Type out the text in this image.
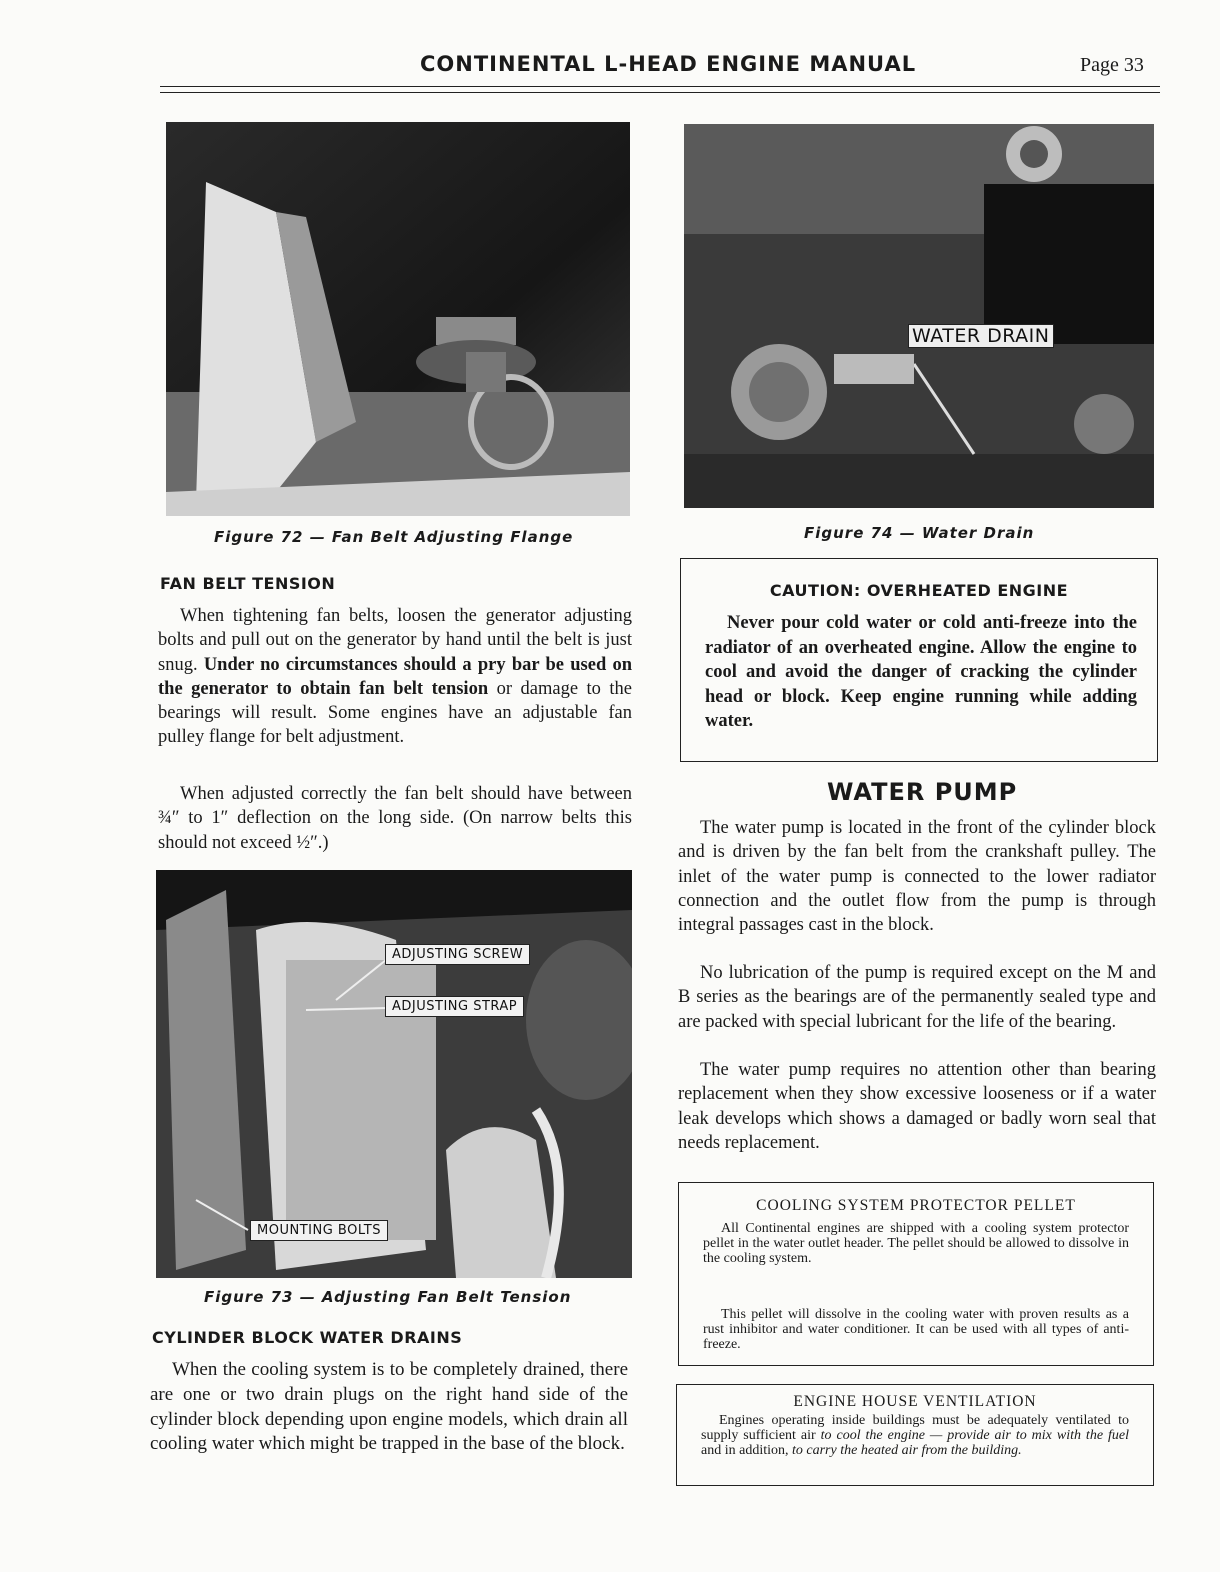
CONTINENTAL L-HEAD ENGINE MANUAL	Page 33
Figure 72 — Fan Belt Adjusting Flange
WATER DRAIN
Figure 74 — Water Drain
FAN BELT TENSION

When tightening fan belts, loosen the generator adjusting bolts and pull out on the generator by hand until the belt is just snug. Under no circumstances should a pry bar be used on the generator to obtain fan belt tension or damage to the bearings will result. Some engines have an adjustable fan pulley flange for belt adjustment.

When adjusted correctly the fan belt should have between ¾″ to 1″ deflection on the long side. (On narrow belts this should not exceed ½″.)

ADJUSTING SCREW
ADJUSTING STRAP
MOUNTING BOLTS
Figure 73 — Adjusting Fan Belt Tension
CYLINDER BLOCK WATER DRAINS

When the cooling system is to be completely drained, there are one or two drain plugs on the right hand side of the cylinder block depending upon engine models, which drain all cooling water which might be trapped in the base of the block.

CAUTION: OVERHEATED ENGINE

Never pour cold water or cold anti-freeze into the radiator of an overheated engine. Allow the engine to cool and avoid the danger of cracking the cylinder head or block. Keep engine running while adding water.

WATER PUMP

The water pump is located in the front of the cylinder block and is driven by the fan belt from the crankshaft pulley. The inlet of the water pump is connected to the lower radiator connection and the outlet flow from the pump is through integral passages cast in the block.

No lubrication of the pump is required except on the M and B series as the bearings are of the permanently sealed type and are packed with special lubricant for the life of the bearing.

The water pump requires no attention other than bearing replacement when they show excessive looseness or if a water leak develops which shows a damaged or badly worn seal that needs replacement.

COOLING SYSTEM PROTECTOR PELLET

All Continental engines are shipped with a cooling system protector pellet in the water outlet header. The pellet should be allowed to dissolve in the cooling system.

This pellet will dissolve in the cooling water with proven results as a rust inhibitor and water conditioner. It can be used with all types of anti-freeze.

ENGINE HOUSE VENTILATION

Engines operating inside buildings must be adequately ventilated to supply sufficient air to cool the engine — provide air to mix with the fuel and in addition, to carry the heated air from the building.
